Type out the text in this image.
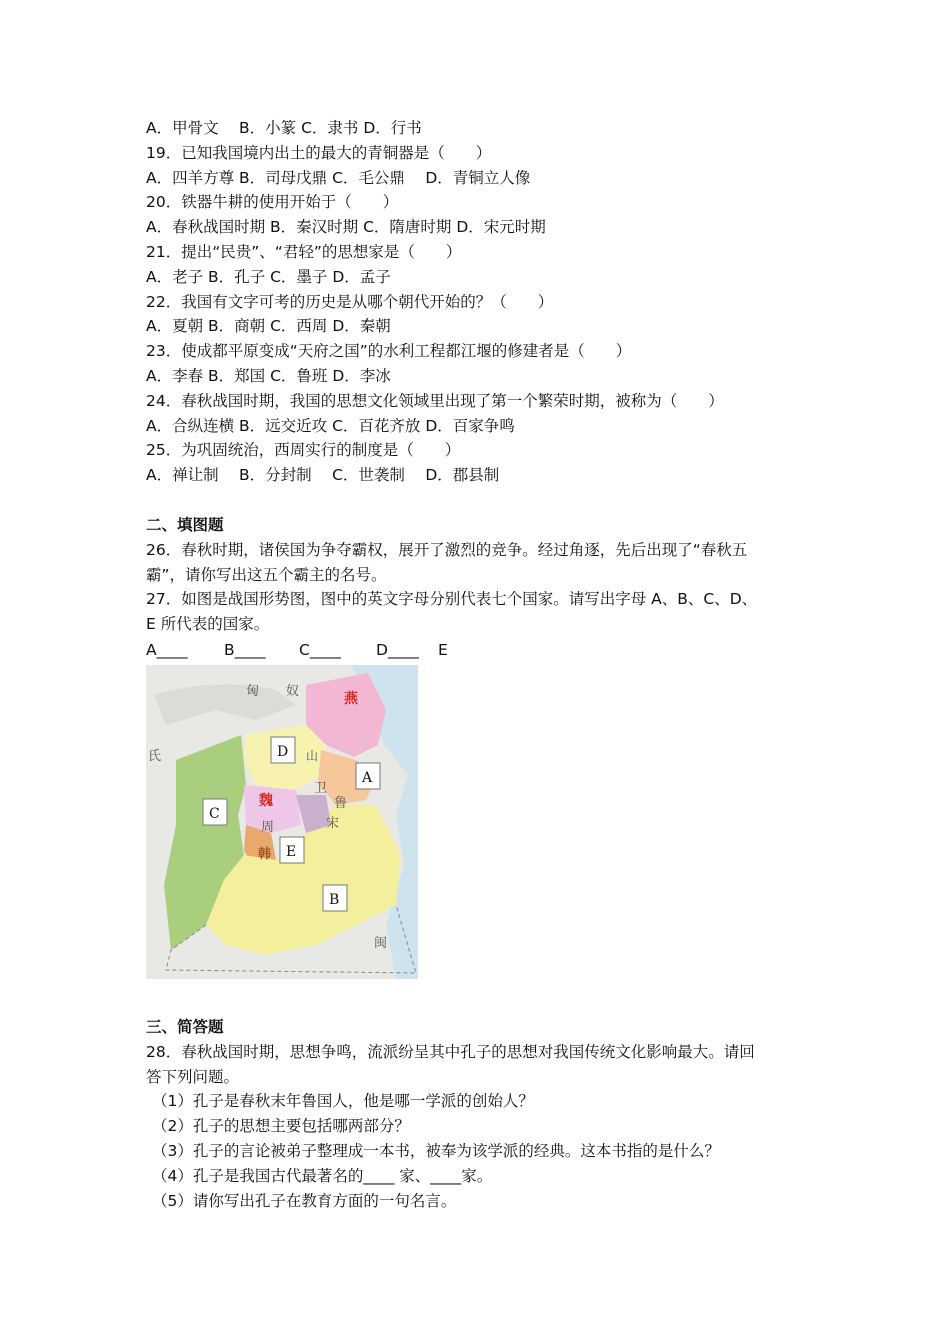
A．甲骨文　 B．小篆 C．隶书 D．行书
19．已知我国境内出土的最大的青铜器是（　　）
A．四羊方尊 B．司母戊鼎 C．毛公鼎　 D．青铜立人像
20．铁器牛耕的使用开始于（　　）
A．春秋战国时期 B．秦汉时期 C．隋唐时期 D．宋元时期
21．提出“民贵”、“君轻”的思想家是（　　）
A．老子 B．孔子 C．墨子 D．孟子
22．我国有文字可考的历史是从哪个朝代开始的？（　　）
A．夏朝 B．商朝 C．西周 D．秦朝
23．使成都平原变成“天府之国”的水利工程都江堰的修建者是（　　）
A．李春 B．郑国 C．鲁班 D．李冰
24．春秋战国时期，我国的思想文化领域里出现了第一个繁荣时期，被称为（　　）
A．合纵连横 B．远交近攻 C．百花齐放 D．百家争鸣
25．为巩固统治，西周实行的制度是（　　）
A．禅让制　 B．分封制　 C．世袭制　 D．郡县制
二、填图题
26．春秋时期，诸侯国为争夺霸权，展开了激烈的竞争。经过角逐，先后出现了“春秋五
霸”，请你写出这五个霸主的名号。
27．如图是战国形势图，图中的英文字母分别代表七个国家。请写出字母 A、B、C、D、
E 所代表的国家。
A____ B____ C____ D____ E
匈 奴	燕
氏
魏
周
韩
卫
鲁
宋
山
闽
D
A
C
E
B
三、简答题
28．春秋战国时期，思想争鸣，流派纷呈其中孔子的思想对我国传统文化影响最大。请回
答下列问题。
（1）孔子是春秋末年鲁国人，他是哪一学派的创始人？
（2）孔子的思想主要包括哪两部分？
（3）孔子的言论被弟子整理成一本书，被奉为该学派的经典。这本书指的是什么？
（4）孔子是我国古代最著名的____ 家、____家。
（5）请你写出孔子在教育方面的一句名言。
